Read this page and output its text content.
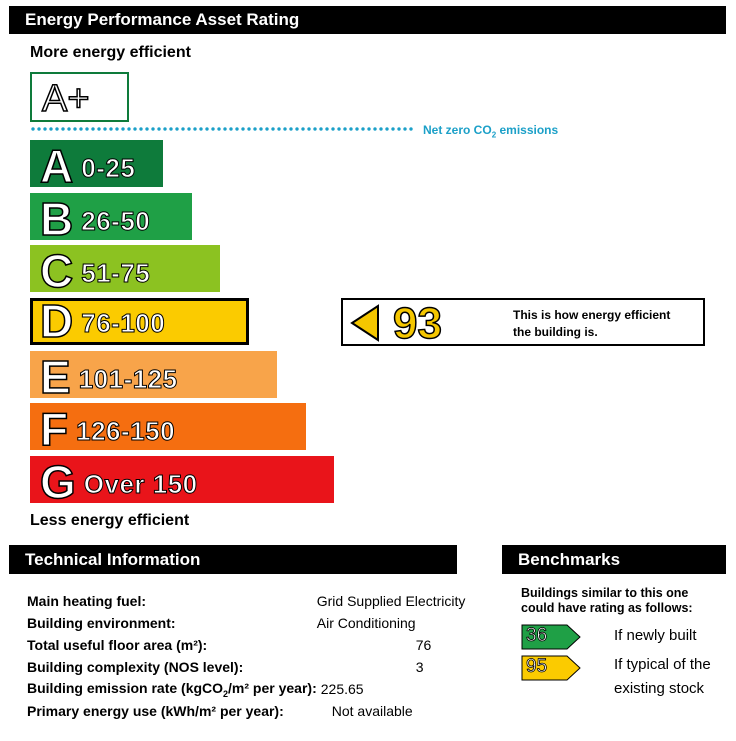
Energy Performance Asset Rating
More energy efficient
A+
Net zero $CO_2$ emissions
A 0-25
B 26-50
C 51-75
D 76-100
E 101-125
F 126-150
G Over 150
93	This is how energy efficient
the building is.
Less energy efficient
Technical Information
Main heating fuel:	Grid Supplied Electricity
Building environment:	Air Conditioning
Total useful floor area (m²):	76
Building complexity (NOS level):	3
Building emission rate (kgCO$_2$/m² per year):	225.65
Primary energy use (kWh/m² per year):	Not available
Benchmarks
Buildings similar to this one
could have rating as follows:
36	If newly built
95	If typical of the
existing stock
